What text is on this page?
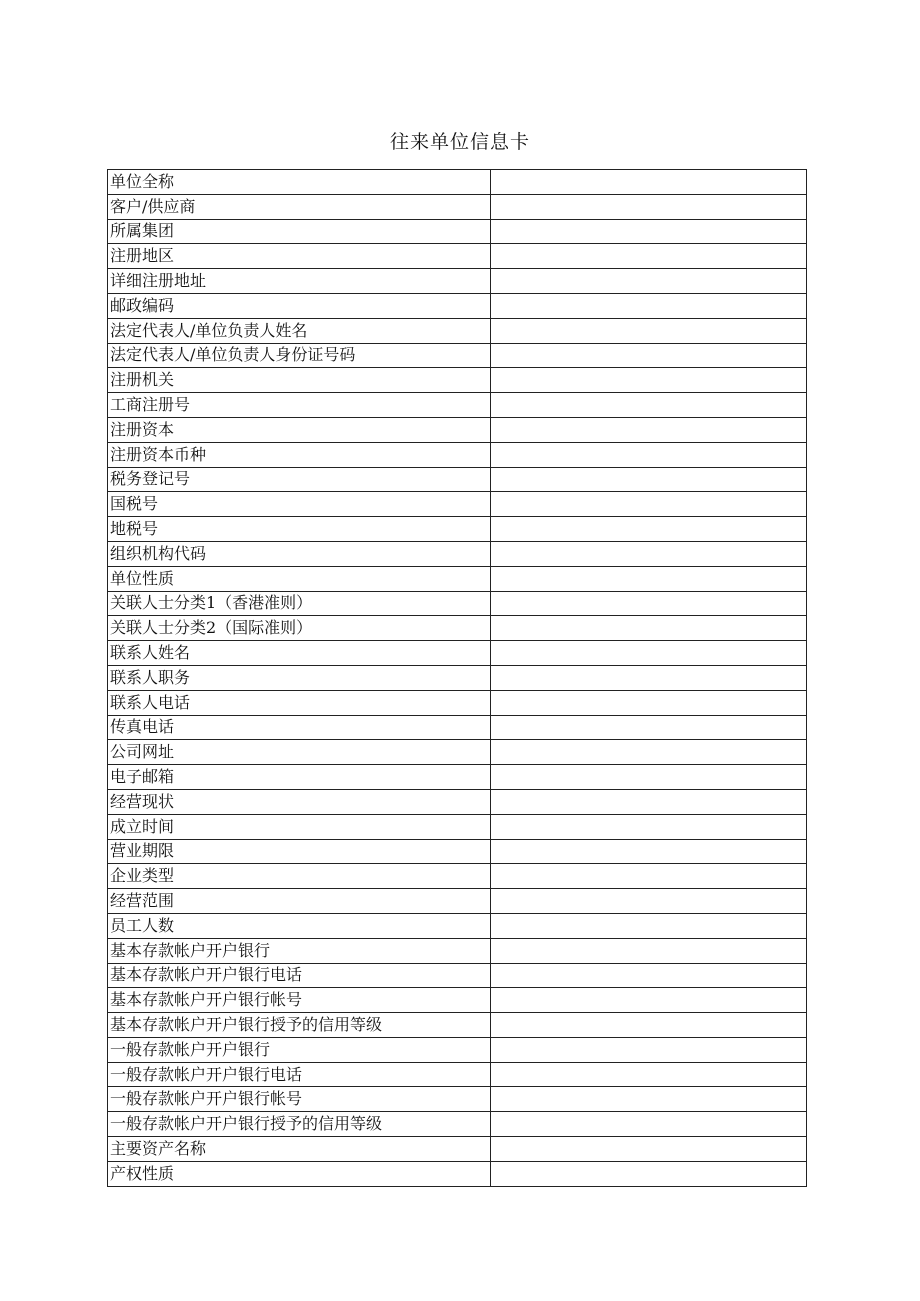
往来单位信息卡
单位全称	
客户/供应商	
所属集团	
注册地区	
详细注册地址	
邮政编码	
法定代表人/单位负责人姓名	
法定代表人/单位负责人身份证号码	
注册机关	
工商注册号	
注册资本	
注册资本币种	
税务登记号	
国税号	
地税号	
组织机构代码	
单位性质	
关联人士分类1（香港准则）	
关联人士分类2（国际准则）	
联系人姓名	
联系人职务	
联系人电话	
传真电话	
公司网址	
电子邮箱	
经营现状	
成立时间	
营业期限	
企业类型	
经营范围	
员工人数	
基本存款帐户开户银行	
基本存款帐户开户银行电话	
基本存款帐户开户银行帐号	
基本存款帐户开户银行授予的信用等级	
一般存款帐户开户银行	
一般存款帐户开户银行电话	
一般存款帐户开户银行帐号	
一般存款帐户开户银行授予的信用等级	
主要资产名称	
产权性质	
